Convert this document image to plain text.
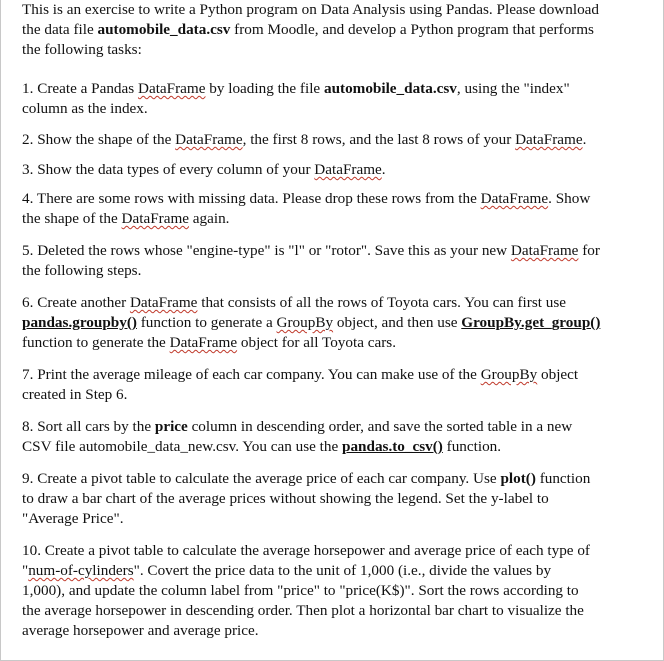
This is an exercise to write a Python program on Data Analysis using Pandas. Please download
the data file automobile_data.csv from Moodle, and develop a Python program that performs
the following tasks:
1. Create a Pandas DataFrame by loading the file automobile_data.csv, using the "index"
column as the index.
2. Show the shape of the DataFrame, the first 8 rows, and the last 8 rows of your DataFrame.
3. Show the data types of every column of your DataFrame.
4. There are some rows with missing data. Please drop these rows from the DataFrame. Show
the shape of the DataFrame again.
5. Deleted the rows whose "engine-type" is "l" or "rotor". Save this as your new DataFrame for
the following steps.
6. Create another DataFrame that consists of all the rows of Toyota cars. You can first use
pandas.groupby() function to generate a GroupBy object, and then use GroupBy.get_group()
function to generate the DataFrame object for all Toyota cars.
7. Print the average mileage of each car company. You can make use of the GroupBy object
created in Step 6.
8. Sort all cars by the price column in descending order, and save the sorted table in a new
CSV file automobile_data_new.csv. You can use the pandas.to_csv() function.
9. Create a pivot table to calculate the average price of each car company. Use plot() function
to draw a bar chart of the average prices without showing the legend. Set the y-label to
"Average Price".
10. Create a pivot table to calculate the average horsepower and average price of each type of
"num-of-cylinders". Covert the price data to the unit of 1,000 (i.e., divide the values by
1,000), and update the column label from "price" to "price(K$)". Sort the rows according to
the average horsepower in descending order. Then plot a horizontal bar chart to visualize the
average horsepower and average price.
